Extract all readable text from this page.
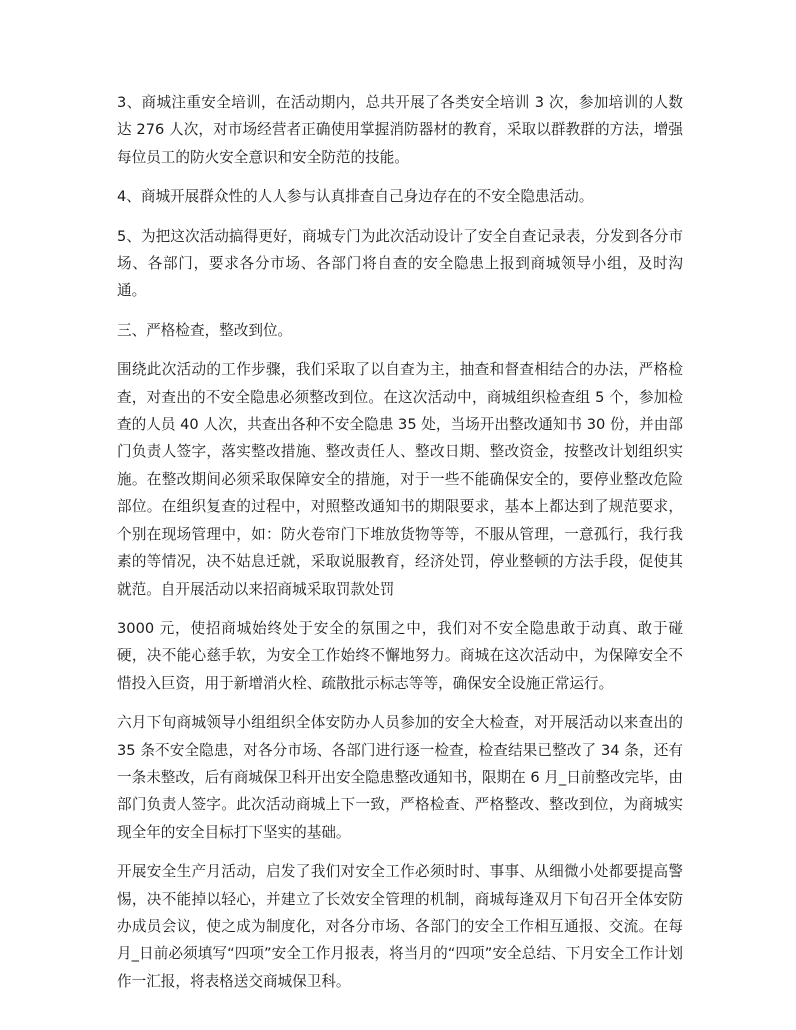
3、商城注重安全培训，在活动期内，总共开展了各类安全培训 3 次，参加培训的人数达 276 人次，对市场经营者正确使用掌握消防器材的教育，采取以群教群的方法，增强每位员工的防火安全意识和安全防范的技能。

4、商城开展群众性的人人参与认真排查自己身边存在的不安全隐患活动。

5、为把这次活动搞得更好，商城专门为此次活动设计了安全自查记录表，分发到各分市场、各部门，要求各分市场、各部门将自查的安全隐患上报到商城领导小组，及时沟通。

三、严格检查，整改到位。

围绕此次活动的工作步骤，我们采取了以自查为主，抽查和督查相结合的办法，严格检查，对查出的不安全隐患必须整改到位。在这次活动中，商城组织检查组 5 个，参加检查的人员 40 人次，共查出各种不安全隐患 35 处，当场开出整改通知书 30 份，并由部门负责人签字，落实整改措施、整改责任人、整改日期、整改资金，按整改计划组织实施。在整改期间必须采取保障安全的措施，对于一些不能确保安全的，要停业整改危险部位。在组织复查的过程中，对照整改通知书的期限要求，基本上都达到了规范要求，个别在现场管理中，如：防火卷帘门下堆放货物等等，不服从管理，一意孤行，我行我素的等情况，决不姑息迁就，采取说服教育，经济处罚，停业整顿的方法手段，促使其就范。自开展活动以来招商城采取罚款处罚

3000 元，使招商城始终处于安全的氛围之中，我们对不安全隐患敢于动真、敢于碰硬，决不能心慈手软，为安全工作始终不懈地努力。商城在这次活动中，为保障安全不惜投入巨资，用于新增消火栓、疏散批示标志等等，确保安全设施正常运行。

六月下旬商城领导小组组织全体安防办人员参加的安全大检查，对开展活动以来查出的 35 条不安全隐患，对各分市场、各部门进行逐一检查，检查结果已整改了 34 条，还有一条未整改，后有商城保卫科开出安全隐患整改通知书，限期在 6 月_日前整改完毕，由部门负责人签字。此次活动商城上下一致，严格检查、严格整改、整改到位，为商城实现全年的安全目标打下坚实的基础。

开展安全生产月活动，启发了我们对安全工作必须时时、事事、从细微小处都要提高警惕，决不能掉以轻心，并建立了长效安全管理的机制，商城每逢双月下旬召开全体安防办成员会议，使之成为制度化，对各分市场、各部门的安全工作相互通报、交流。在每月_日前必须填写“四项”安全工作月报表，将当月的“四项”安全总结、下月安全工作计划作一汇报，将表格送交商城保卫科。
